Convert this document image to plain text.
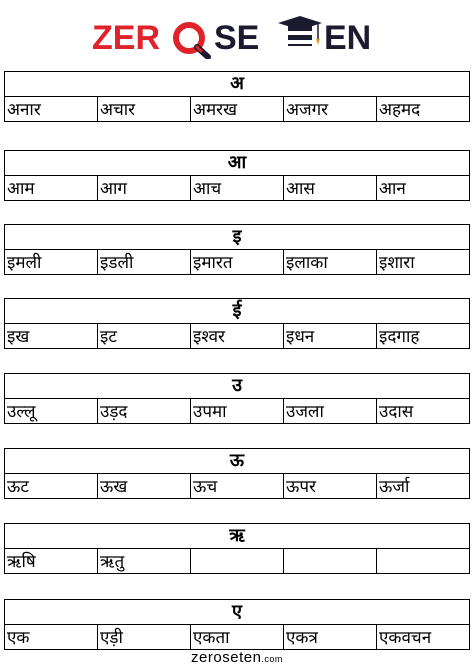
ZER SE EN
अ
अनार	अचार	अमरख	अजगर	अहमद
आ
आम	आग	आच	आस	आन
इ
इमली	इडली	इमारत	इलाका	इशारा
ई
इख	इट	इश्वर	इधन	इदगाह
उ
उल्लू	उड़द	उपमा	उजला	उदास
ऊ
ऊट	ऊख	ऊच	ऊपर	ऊर्जा
ऋ
ऋषि	ऋतु			
ए
एक	एड़ी	एकता	एकत्र	एकवचन
zeroseten.com
